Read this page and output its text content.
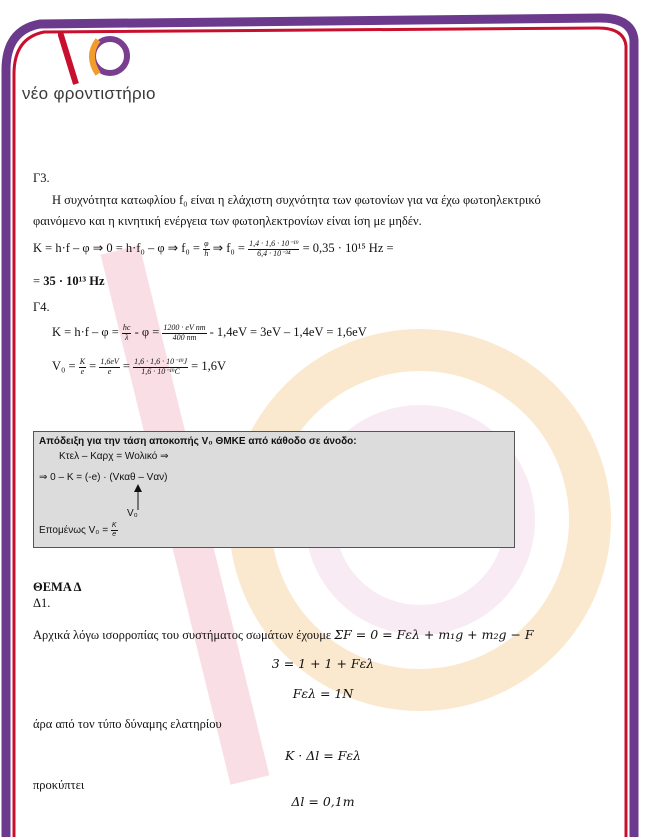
νέο φροντιστήριο
Γ3.
Η συχνότητα κατωφλίου f₀ είναι η ελάχιστη συχνότητα των φωτονίων για να έχω φωτοηλεκτρικό
φαινόμενο και η κινητική ενέργεια των φωτοηλεκτρονίων είναι ίση με μηδέν.
K = h·f – φ ⇒ 0 = h·f₀ – φ ⇒ $f_0 = \frac{\varphi}{h}$ ⇒ $f_0 = \frac{\text{1,4 · 1,6 · 10⁻¹⁹}}{\text{6,4 · 10⁻³⁴}} = 0,35 \cdot 10^{15}$ Hz =
= 35 · 10¹³ Hz
Γ4.
$K = h\cdot f - \varphi = \frac{hc}{\lambda} - \varphi = \frac{\text{1200 · eV nm}}{400 nm} - 1,4eV = 3eV - 1,4eV = 1,6eV$
$V_0 = \frac{K}{e} = \frac{1,6eV}{e} = \frac{\text{1,6 · 1,6 · 10⁻¹⁹J}}{\text{1,6 · 10⁻¹⁹C}} = 1,6V$
Απόδειξη για την τάση αποκοπής V₀ ΘΜΚΕ από κάθοδο σε άνοδο:
Κτελ – Καρχ = Wολικό ⇒
⇒ 0 – K = (-e) · (Vκαθ – Vαν)
V₀
Επομένως $V_0 = \frac{K}{e}$
ΘΕΜΑ Δ
Δ1.
Αρχικά λόγω ισορροπίας του συστήματος σωμάτων έχουμε ΣF = 0 = Fελ + m₁g + m₂g − F
3 = 1 + 1 + Fελ
Fελ = 1N
άρα από τον τύπο δύναμης ελατηρίου
K · Δl = Fελ
προκύπτει
Δl = 0,1m
